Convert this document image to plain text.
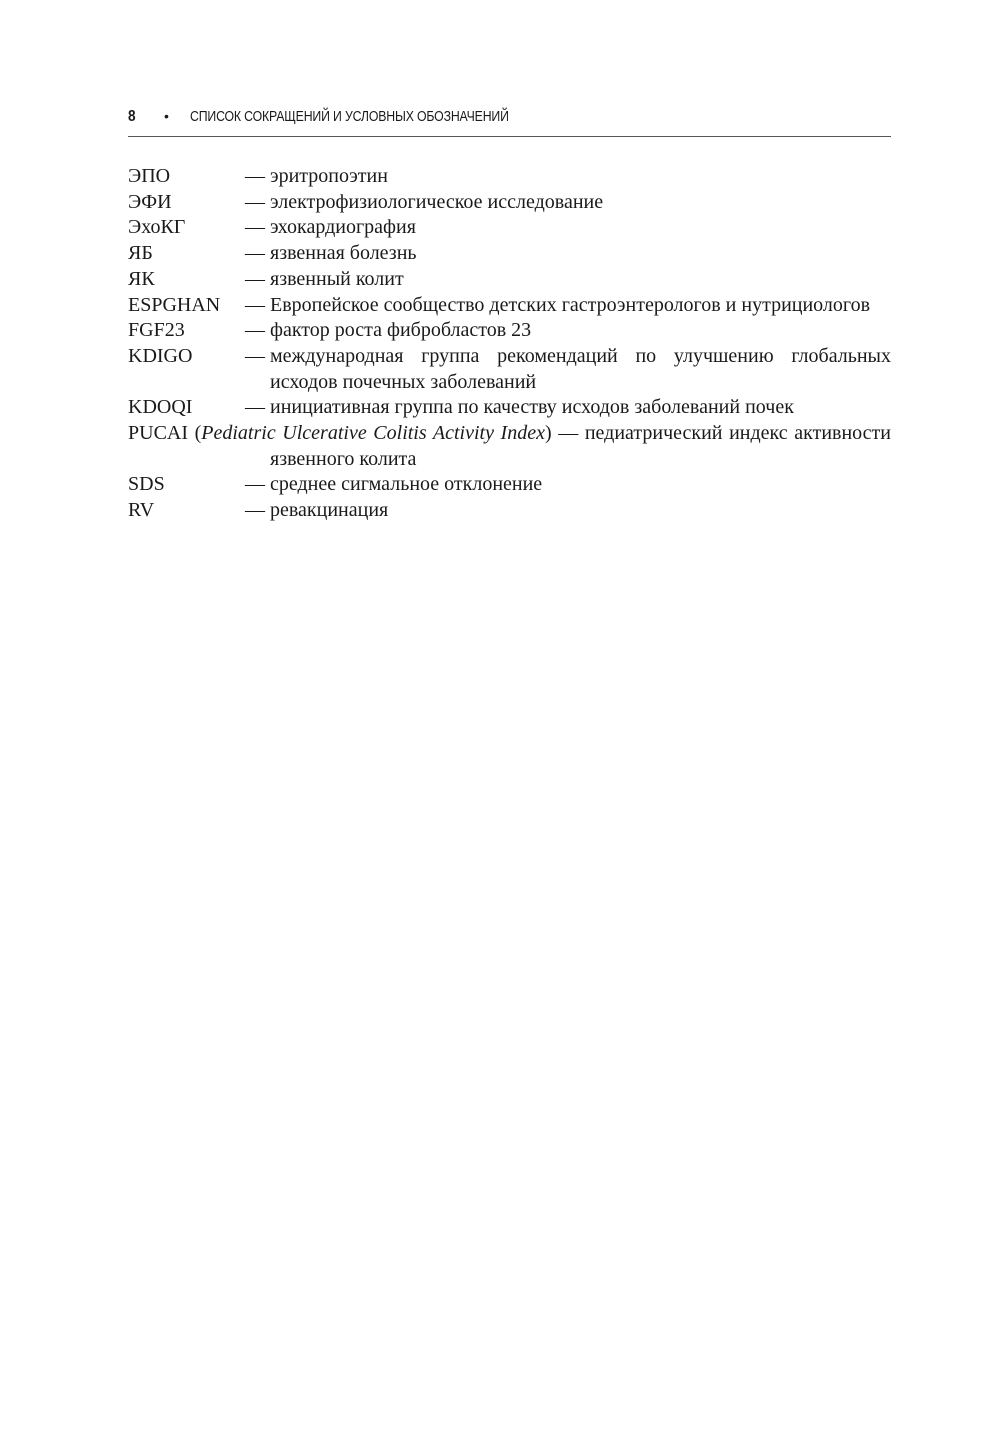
8	•	СПИСОК СОКРАЩЕНИЙ И УСЛОВНЫХ ОБОЗНАЧЕНИЙ
ЭПО	— эритропоэтин
ЭФИ	— электрофизиологическое исследование
ЭхоКГ	— эхокардиография
ЯБ	— язвенная болезнь
ЯК	— язвенный колит
ESPGHAN	— Европейское сообщество детских гастроэнтерологов и нутрициологов
FGF23	— фактор роста фибробластов 23
KDIGO	— международная группа рекомендаций по улучшению глобальных исходов почечных заболеваний
KDOQI	— инициативная группа по качеству исходов заболеваний почек
PUCAI (Pediatric Ulcerative Colitis Activity Index) — педиатрический индекс активности язвенного колита
SDS	— среднее сигмальное отклонение
RV	— ревакцинация
